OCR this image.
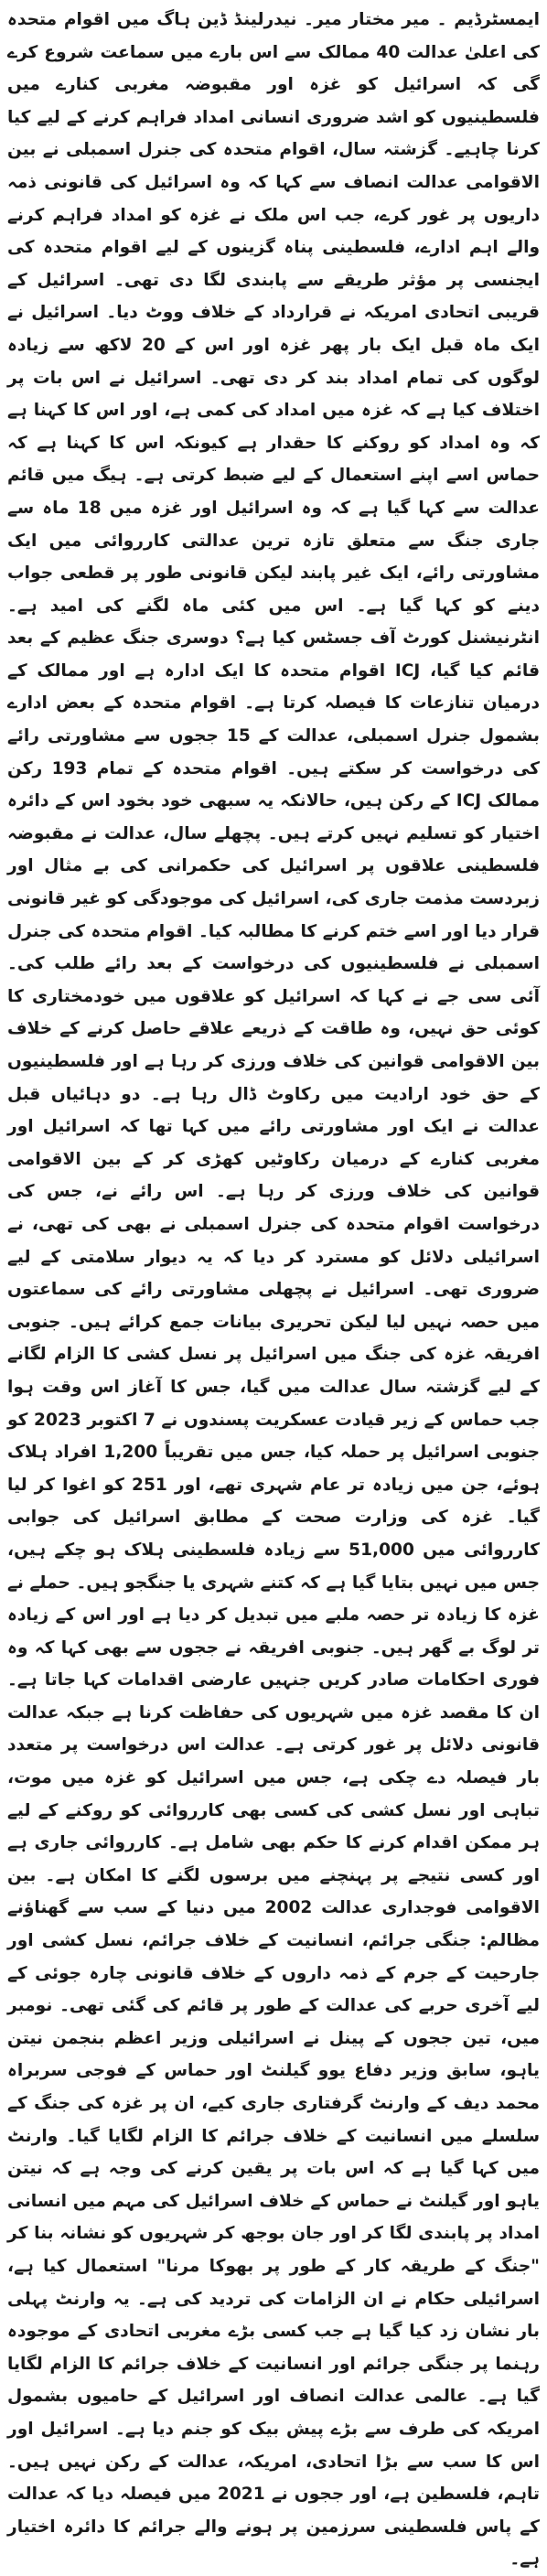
ایمسٹرڈیم ۔ میر مختار میر۔ نیدرلینڈ ڈین ہاگ میں اقوام متحدہ کی اعلیٰ عدالت 40 ممالک سے اس بارے میں سماعت شروع کرے گی کہ اسرائیل کو غزہ اور مقبوضہ مغربی کنارے میں فلسطینیوں کو اشد ضروری انسانی امداد فراہم کرنے کے لیے کیا کرنا چاہیے۔ گزشتہ سال، اقوام متحدہ کی جنرل اسمبلی نے بین الاقوامی عدالت انصاف سے کہا کہ وہ اسرائیل کی قانونی ذمہ داریوں پر غور کرے، جب اس ملک نے غزہ کو امداد فراہم کرنے والے اہم ادارے، فلسطینی پناہ گزینوں کے لیے اقوام متحدہ کی ایجنسی پر مؤثر طریقے سے پابندی لگا دی تھی۔ اسرائیل کے قریبی اتحادی امریکہ نے قرارداد کے خلاف ووٹ دیا۔ اسرائیل نے ایک ماہ قبل ایک بار پھر غزہ اور اس کے 20 لاکھ سے زیادہ لوگوں کی تمام امداد بند کر دی تھی۔ اسرائیل نے اس بات پر اختلاف کیا ہے کہ غزہ میں امداد کی کمی ہے، اور اس کا کہنا ہے کہ وہ امداد کو روکنے کا حقدار ہے کیونکہ اس کا کہنا ہے کہ حماس اسے اپنے استعمال کے لیے ضبط کرتی ہے۔ ہیگ میں قائم عدالت سے کہا گیا ہے کہ وہ اسرائیل اور غزہ میں 18 ماہ سے جاری جنگ سے متعلق تازہ ترین عدالتی کارروائی میں ایک مشاورتی رائے، ایک غیر پابند لیکن قانونی طور پر قطعی جواب دینے کو کہا گیا ہے۔ اس میں کئی ماہ لگنے کی امید ہے۔ انٹرنیشنل کورٹ آف جسٹس کیا ہے؟ دوسری جنگ عظیم کے بعد قائم کیا گیا، ICJ اقوام متحدہ کا ایک ادارہ ہے اور ممالک کے درمیان تنازعات کا فیصلہ کرتا ہے۔ اقوام متحدہ کے بعض ادارے بشمول جنرل اسمبلی، عدالت کے 15 ججوں سے مشاورتی رائے کی درخواست کر سکتے ہیں۔ اقوام متحدہ کے تمام 193 رکن ممالک ICJ کے رکن ہیں، حالانکہ یہ سبھی خود بخود اس کے دائرہ اختیار کو تسلیم نہیں کرتے ہیں۔ پچھلے سال، عدالت نے مقبوضہ فلسطینی علاقوں پر اسرائیل کی حکمرانی کی بے مثال اور زبردست مذمت جاری کی، اسرائیل کی موجودگی کو غیر قانونی قرار دیا اور اسے ختم کرنے کا مطالبہ کیا۔ اقوام متحدہ کی جنرل اسمبلی نے فلسطینیوں کی درخواست کے بعد رائے طلب کی۔ آئی سی جے نے کہا کہ اسرائیل کو علاقوں میں خودمختاری کا کوئی حق نہیں، وہ طاقت کے ذریعے علاقے حاصل کرنے کے خلاف بین الاقوامی قوانین کی خلاف ورزی کر رہا ہے اور فلسطینیوں کے حق خود ارادیت میں رکاوٹ ڈال رہا ہے۔ دو دہائیاں قبل عدالت نے ایک اور مشاورتی رائے میں کہا تھا کہ اسرائیل اور مغربی کنارے کے درمیان رکاوٹیں کھڑی کر کے بین الاقوامی قوانین کی خلاف ورزی کر رہا ہے۔ اس رائے نے، جس کی درخواست اقوام متحدہ کی جنرل اسمبلی نے بھی کی تھی، نے اسرائیلی دلائل کو مسترد کر دیا کہ یہ دیوار سلامتی کے لیے ضروری تھی۔ اسرائیل نے پچھلی مشاورتی رائے کی سماعتوں میں حصہ نہیں لیا لیکن تحریری بیانات جمع کرائے ہیں۔ جنوبی افریقہ غزہ کی جنگ میں اسرائیل پر نسل کشی کا الزام لگانے کے لیے گزشتہ سال عدالت میں گیا، جس کا آغاز اس وقت ہوا جب حماس کے زیر قیادت عسکریت پسندوں نے 7 اکتوبر 2023 کو جنوبی اسرائیل پر حملہ کیا، جس میں تقریباً 1,200 افراد ہلاک ہوئے، جن میں زیادہ تر عام شہری تھے، اور 251 کو اغوا کر لیا گیا۔ غزہ کی وزارت صحت کے مطابق اسرائیل کی جوابی کارروائی میں 51,000 سے زیادہ فلسطینی ہلاک ہو چکے ہیں، جس میں نہیں بتایا گیا ہے کہ کتنے شہری یا جنگجو ہیں۔ حملے نے غزہ کا زیادہ تر حصہ ملبے میں تبدیل کر دیا ہے اور اس کے زیادہ تر لوگ بے گھر ہیں۔ جنوبی افریقہ نے ججوں سے بھی کہا کہ وہ فوری احکامات صادر کریں جنہیں عارضی اقدامات کہا جاتا ہے۔ ان کا مقصد غزہ میں شہریوں کی حفاظت کرنا ہے جبکہ عدالت قانونی دلائل پر غور کرتی ہے۔ عدالت اس درخواست پر متعدد بار فیصلہ دے چکی ہے، جس میں اسرائیل کو غزہ میں موت، تباہی اور نسل کشی کی کسی بھی کارروائی کو روکنے کے لیے ہر ممکن اقدام کرنے کا حکم بھی شامل ہے۔ کارروائی جاری ہے اور کسی نتیجے پر پہنچنے میں برسوں لگنے کا امکان ہے۔ بین الاقوامی فوجداری عدالت 2002 میں دنیا کے سب سے گھناؤنے مظالم: جنگی جرائم، انسانیت کے خلاف جرائم، نسل کشی اور جارحیت کے جرم کے ذمہ داروں کے خلاف قانونی چارہ جوئی کے لیے آخری حربے کی عدالت کے طور پر قائم کی گئی تھی۔ نومبر میں، تین ججوں کے پینل نے اسرائیلی وزیر اعظم بنجمن نیتن یاہو، سابق وزیر دفاع یوو گیلنٹ اور حماس کے فوجی سربراہ محمد دیف کے وارنٹ گرفتاری جاری کیے، ان پر غزہ کی جنگ کے سلسلے میں انسانیت کے خلاف جرائم کا الزام لگایا گیا۔ وارنٹ میں کہا گیا ہے کہ اس بات پر یقین کرنے کی وجہ ہے کہ نیتن یاہو اور گیلنٹ نے حماس کے خلاف اسرائیل کی مہم میں انسانی امداد پر پابندی لگا کر اور جان بوجھ کر شہریوں کو نشانہ بنا کر "جنگ کے طریقہ کار کے طور پر بھوکا مرنا" استعمال کیا ہے، اسرائیلی حکام نے ان الزامات کی تردید کی ہے۔ یہ وارنٹ پہلی بار نشان زد کیا گیا ہے جب کسی بڑے مغربی اتحادی کے موجودہ رہنما پر جنگی جرائم اور انسانیت کے خلاف جرائم کا الزام لگایا گیا ہے۔ عالمی عدالت انصاف اور اسرائیل کے حامیوں بشمول امریکہ کی طرف سے بڑے پیش بیک کو جنم دیا ہے۔ اسرائیل اور اس کا سب سے بڑا اتحادی، امریکہ، عدالت کے رکن نہیں ہیں۔ تاہم، فلسطین ہے، اور ججوں نے 2021 میں فیصلہ دیا کہ عدالت کے پاس فلسطینی سرزمین پر ہونے والے جرائم کا دائرہ اختیار ہے۔
